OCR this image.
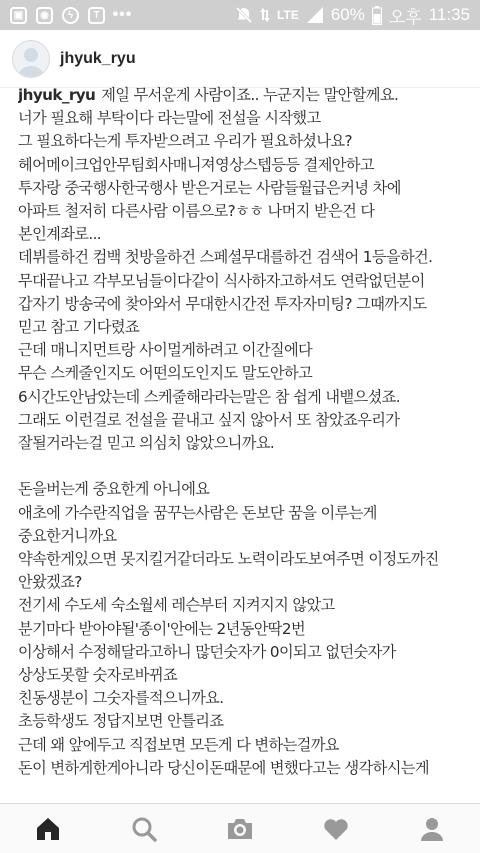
▣	◉	ϟ	T •••	LTE 60% 오후 11:35
jhyuk_ryu
jhyuk_ryu 제일 무서운게 사람이죠.. 누군지는 말안할께요.
너가 필요해 부탁이다 라는말에 전설을 시작했고
그 필요하다는게 투자받으려고 우리가 필요하셨나요?
헤어메이크업안무팀회사매니져영상스텝등등 결제안하고
투자랑 중국행사한국행사 받은거로는 사람들월급은커녕 차에
아파트 철저히 다른사람 이름으로?ㅎㅎ 나머지 받은건 다
본인계좌로...
데뷔를하건 컴백 첫방을하건 스페셜무대를하건 검색어 1등을하건.
무대끝나고 각부모님들이다같이 식사하자고하셔도 연락없던분이
갑자기 방송국에 찾아와서 무대한시간전 투자자미팅? 그때까지도
믿고 참고 기다렸죠
근데 매니지먼트랑 사이멀게하려고 이간질에다
무슨 스케줄인지도 어떤의도인지도 말도안하고
6시간도안남았는데 스케줄해라라는말은 참 쉽게 내뱉으셨죠.
그래도 이런걸로 전설을 끝내고 싶지 않아서 또 참았죠우리가
잘될거라는걸 믿고 의심치 않았으니까요.
돈을버는게 중요한게 아니에요
애초에 가수란직업을 꿈꾸는사람은 돈보단 꿈을 이루는게
중요한거니까요
약속한게있으면 못지킬거같더라도 노력이라도보여주면 이정도까진
안왔겠죠?
전기세 수도세 숙소월세 레슨부터 지켜지지 않았고
분기마다 받아야될'종이'안에는 2년동안딱2번
이상해서 수정해달라고하니 많던숫자가 0이되고 없던숫자가
상상도못할 숫자로바뀌죠
친동생분이 그숫자를적으니까요.
초등학생도 정답지보면 안틀리죠
근데 왜 앞에두고 직접보면 모든게 다 변하는걸까요
돈이 변하게한게아니라 당신이돈때문에 변했다고는 생각하시는게
